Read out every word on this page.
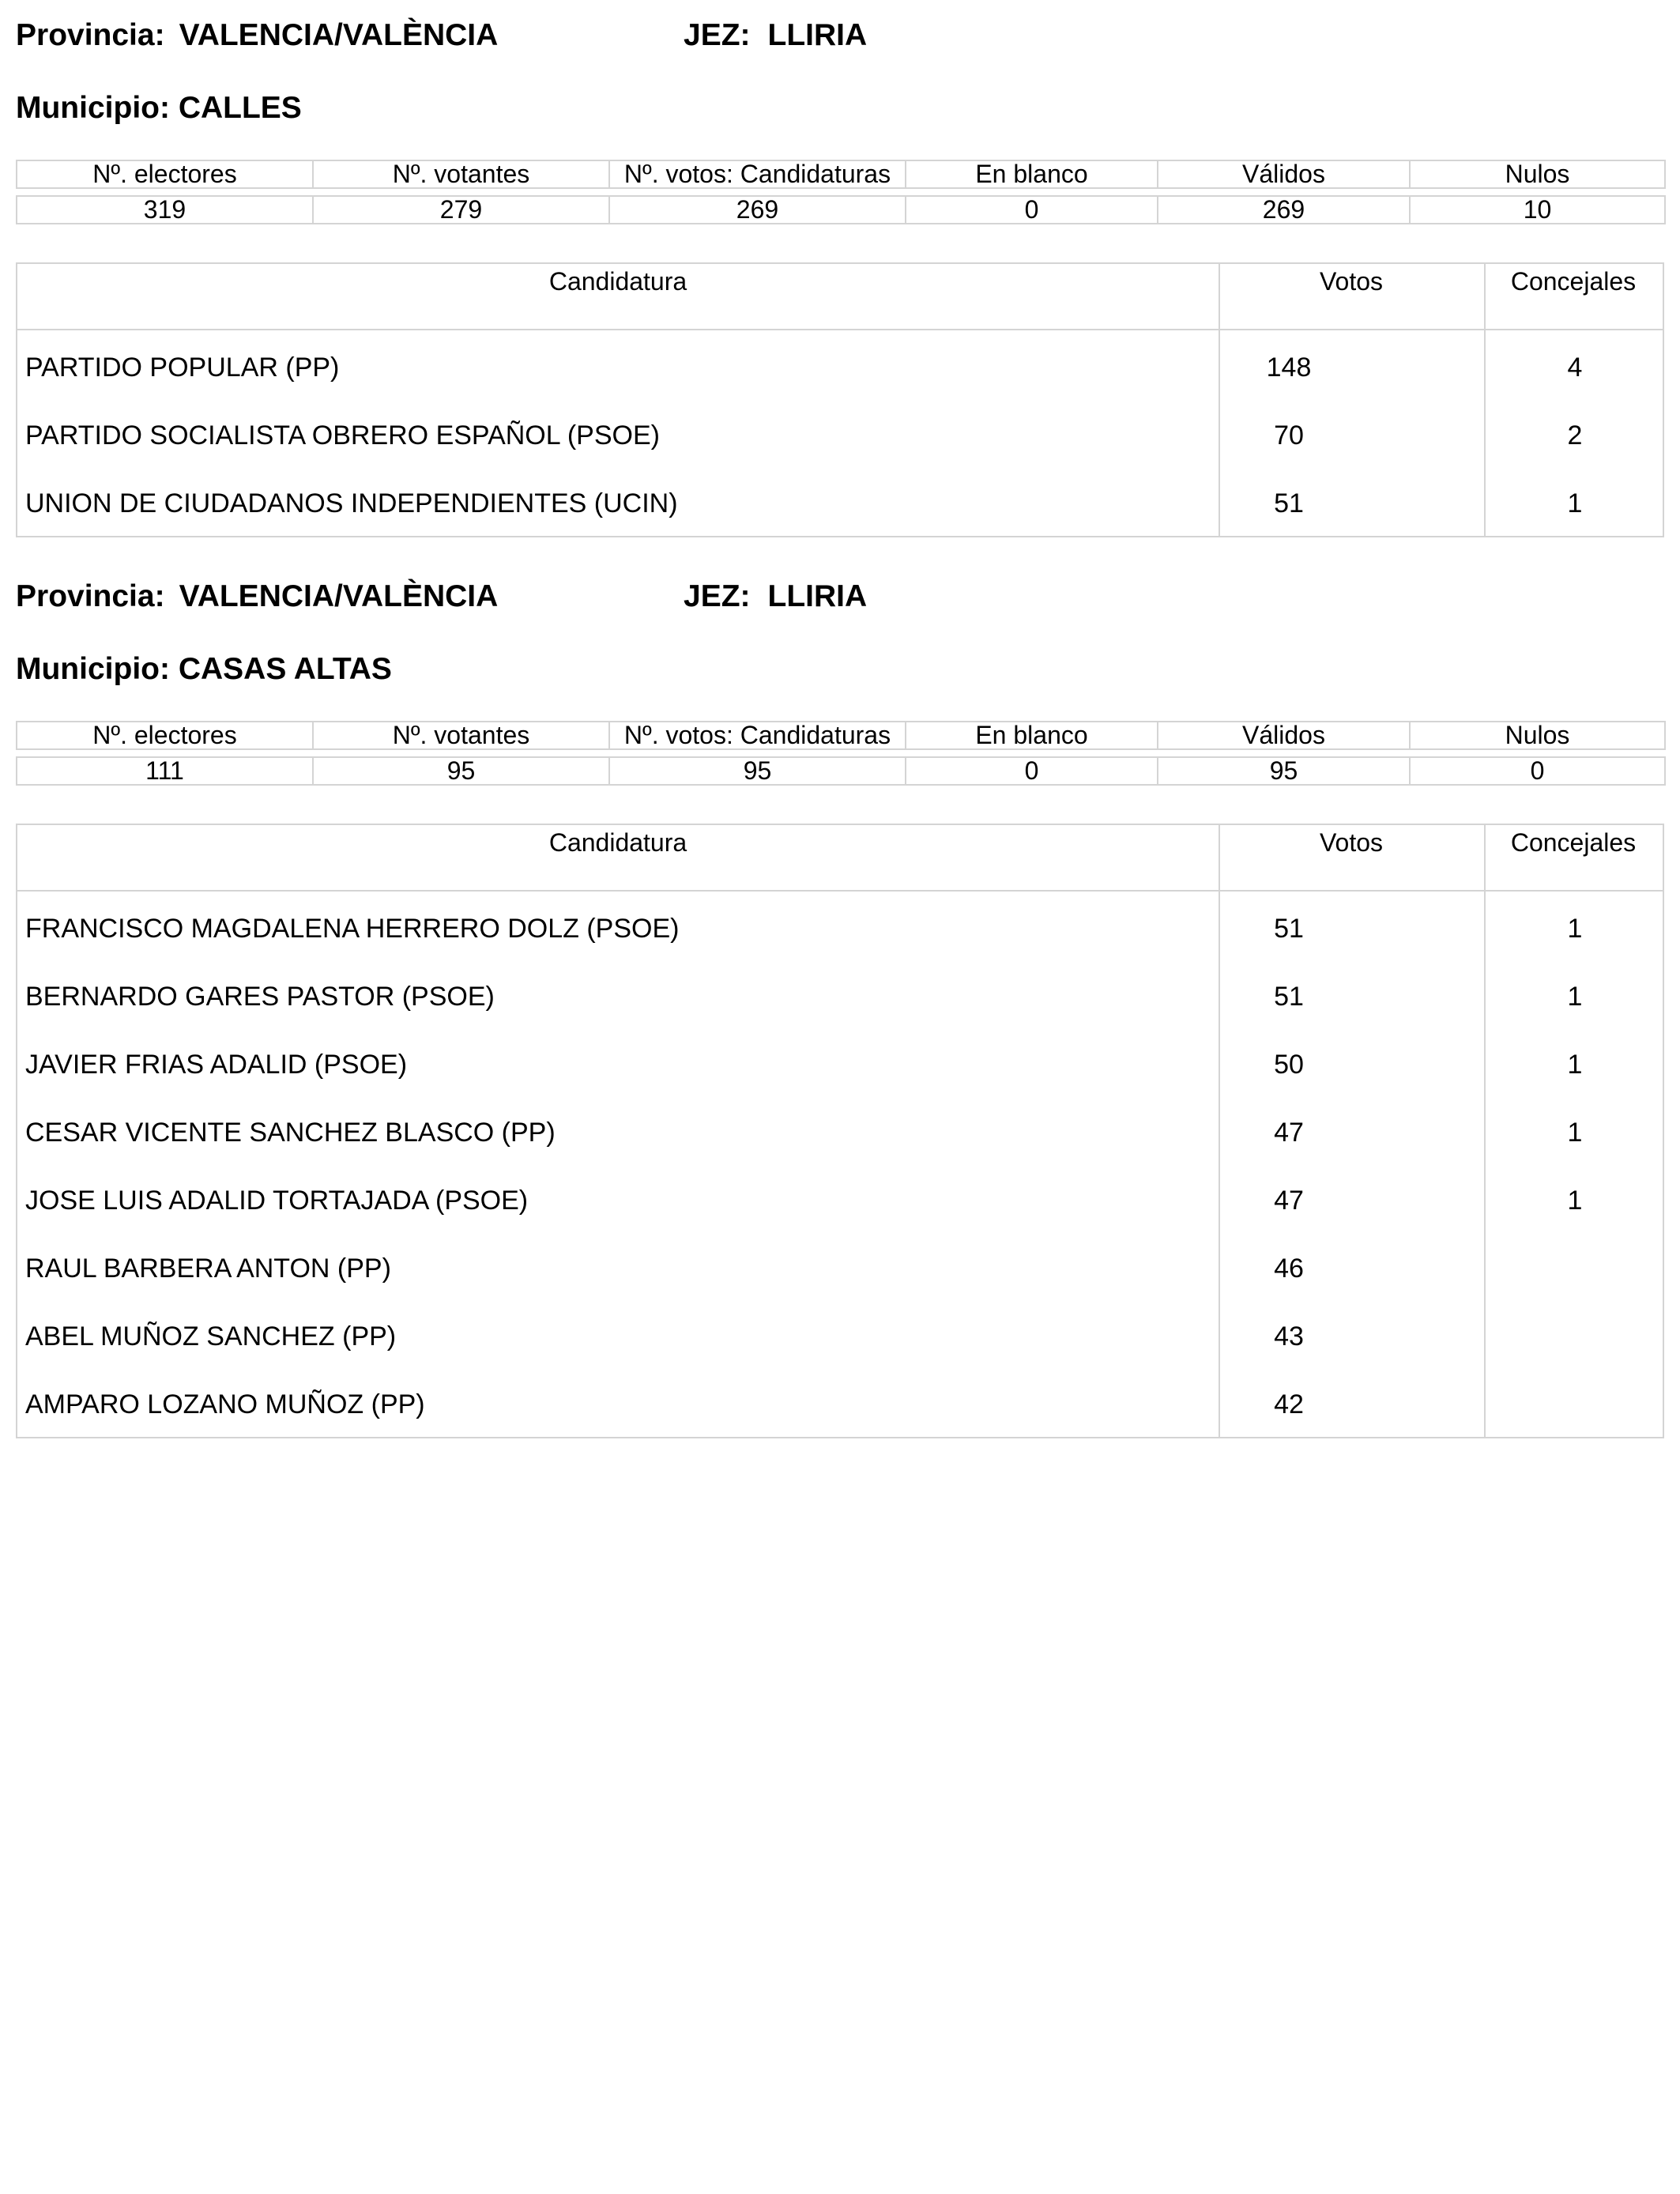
Provincia: VALENCIA/VALÈNCIA	JEZ: LLIRIA
Municipio: CALLES
Nº. electores	Nº. votantes	Nº. votos: Candidaturas	En blanco	Válidos	Nulos

319	279	269	0	269	10
Candidatura	Votos	Concejales
PARTIDO POPULAR (PP)	148	4
PARTIDO SOCIALISTA OBRERO ESPAÑOL (PSOE)	70	2
UNION DE CIUDADANOS INDEPENDIENTES (UCIN)	51	1
Provincia: VALENCIA/VALÈNCIA	JEZ: LLIRIA
Municipio: CASAS ALTAS
Nº. electores	Nº. votantes	Nº. votos: Candidaturas	En blanco	Válidos	Nulos

111	95	95	0	95	0
Candidatura	Votos	Concejales
FRANCISCO MAGDALENA HERRERO DOLZ (PSOE)	51	1
BERNARDO GARES PASTOR (PSOE)	51	1
JAVIER FRIAS ADALID (PSOE)	50	1
CESAR VICENTE SANCHEZ BLASCO (PP)	47	1
JOSE LUIS ADALID TORTAJADA (PSOE)	47	1
RAUL BARBERA ANTON (PP)	46
ABEL MUÑOZ SANCHEZ (PP)	43
AMPARO LOZANO MUÑOZ (PP)	42
